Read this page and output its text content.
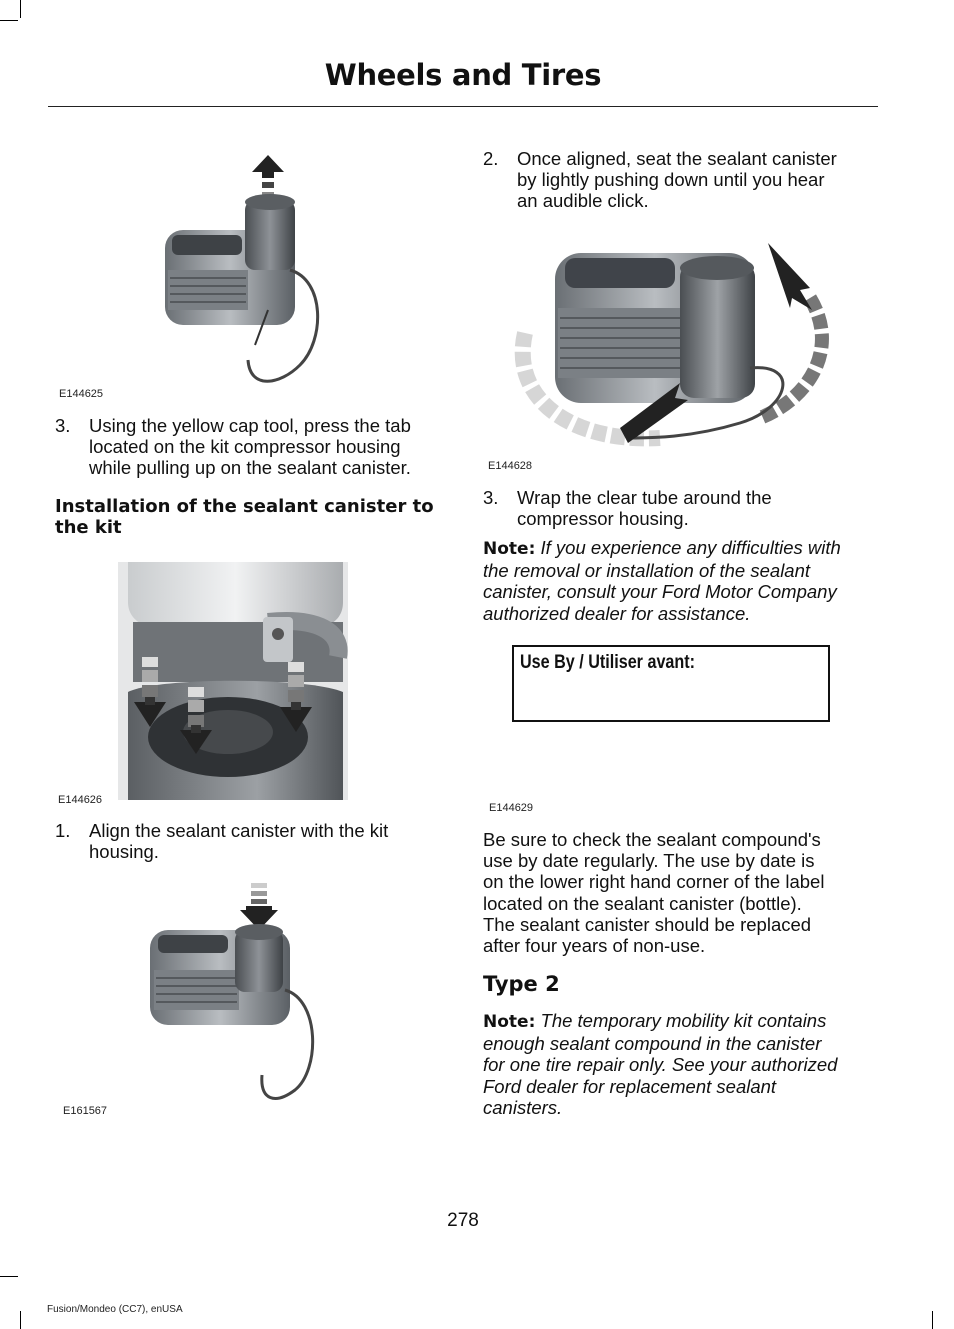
Wheels and Tires
E144625
3. Using the yellow cap tool, press the tab
located on the kit compressor housing
while pulling up on the sealant canister.
Installation of the sealant canister to
the kit
E144626
1. Align the sealant canister with the kit
housing.
E161567
2. Once aligned, seat the sealant canister
by lightly pushing down until you hear
an audible click.
E144628
3. Wrap the clear tube around the
compressor housing.
Note: If you experience any difficulties with
the removal or installation of the sealant
canister, consult your Ford Motor Company
authorized dealer for assistance.
Use By / Utiliser avant:
E144629
Be sure to check the sealant compound's
use by date regularly. The use by date is
on the lower right hand corner of the label
located on the sealant canister (bottle).
The sealant canister should be replaced
after four years of non-use.
Type 2
Note: The temporary mobility kit contains
enough sealant compound in the canister
for one tire repair only. See your authorized
Ford dealer for replacement sealant
canisters.
278
Fusion/Mondeo (CC7), enUSA
